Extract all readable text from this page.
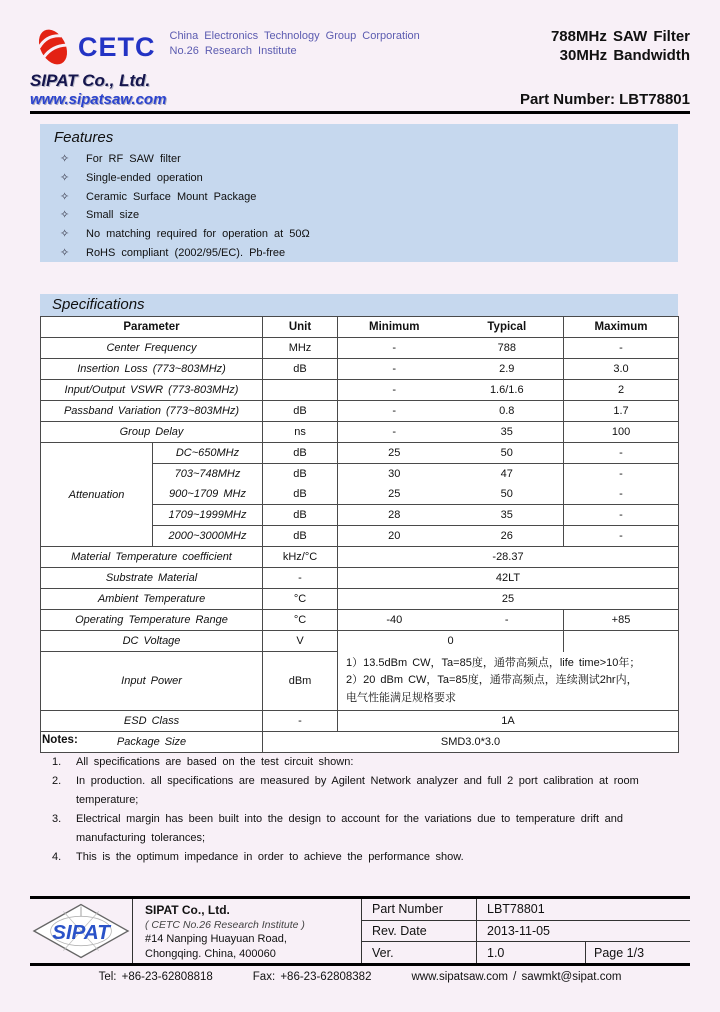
CETC China Electronics Technology Group Corporation
No.26 Research Institute
788MHz SAW Filter
30MHz Bandwidth
SIPAT Co., Ltd.
www.sipatsaw.com	Part Number: LBT78801
Features
✧	For RF SAW filter
✧	Single-ended operation
✧	Ceramic Surface Mount Package
✧	Small size
✧	No matching required for operation at 50Ω
✧	RoHS compliant (2002/95/EC). Pb-free
Specifications
Parameter		Unit	Minimum	Typical	Maximum
Center Frequency		MHz	-	788	-
Insertion Loss (773~803MHz)		dB	-	2.9	3.0
Input/Output VSWR (773-803MHz)			-	1.6/1.6	2
Passband Variation (773~803MHz)		dB	-	0.8	1.7
Group Delay		ns	-	35	100
Attenuation	DC~650MHz	dB	25	50	-
	703~748MHz	dB	30	47	-
	900~1709 MHz	dB	25	50	-
	1709~1999MHz	dB	28	35	-
	2000~3000MHz	dB	20	26	-
Material Temperature coefficient		kHz/°C	-28.37		
Substrate Material		-	42LT		
Ambient Temperature		°C	25		
Operating Temperature Range		°C	-40	-	+85
DC Voltage		V	0		
Input Power		dBm	1）13.5dBm CW，Ta=85度，通带高频点，life time>10年；
2）20 dBm CW，Ta=85度，通带高频点，连续测试2hr内，
电气性能满足规格要求		

ESD Class		-	1A		
Package Size		SMD3.0*3.0			
Notes:
1.	All specifications are based on the test circuit shown:
2.	In production. all specifications are measured by Agilent Network analyzer and full 2 port calibration at room temperature;
3.	Electrical margin has been built into the design to account for the variations due to temperature drift and manufacturing tolerances;
4.	This is the optimum impedance in order to achieve the performance show.
SIPAT
SIPAT Co., Ltd.
( CETC No.26 Research Institute )
#14 Nanping Huayuan Road,
Chongqing. China, 400060
Part Number	LBT78801
Rev. Date	2013-11-05
Ver.	1.0	Page 1/3
Tel: +86-23-62808818	Fax: +86-23-62808382	www.sipatsaw.com / sawmkt@sipat.com
